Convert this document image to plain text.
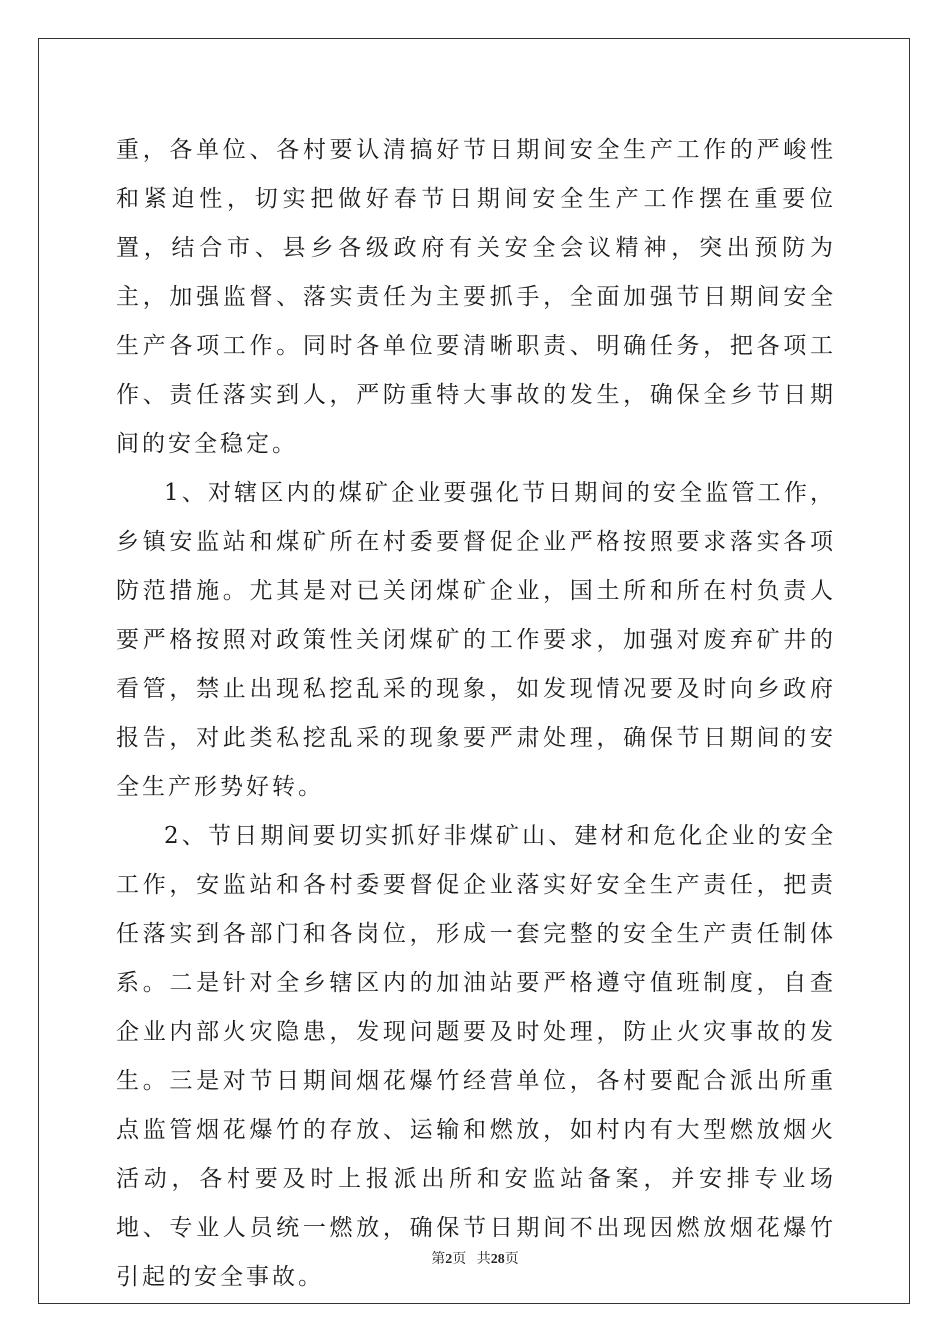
重，各单位、各村要认清搞好节日期间安全生产工作的严峻性和紧迫性，切实把做好春节日期间安全生产工作摆在重要位置，结合市、县乡各级政府有关安全会议精神，突出预防为主，加强监督、落实责任为主要抓手，全面加强节日期间安全生产各项工作。同时各单位要清晰职责、明确任务，把各项工作、责任落实到人，严防重特大事故的发生，确保全乡节日期间的安全稳定。

1、对辖区内的煤矿企业要强化节日期间的安全监管工作，乡镇安监站和煤矿所在村委要督促企业严格按照要求落实各项防范措施。尤其是对已关闭煤矿企业，国土所和所在村负责人要严格按照对政策性关闭煤矿的工作要求，加强对废弃矿井的看管，禁止出现私挖乱采的现象，如发现情况要及时向乡政府报告，对此类私挖乱采的现象要严肃处理，确保节日期间的安全生产形势好转。

2、节日期间要切实抓好非煤矿山、建材和危化企业的安全工作，安监站和各村委要督促企业落实好安全生产责任，把责任落实到各部门和各岗位，形成一套完整的安全生产责任制体系。二是针对全乡辖区内的加油站要严格遵守值班制度，自查企业内部火灾隐患，发现问题要及时处理，防止火灾事故的发生。三是对节日期间烟花爆竹经营单位，各村要配合派出所重点监管烟花爆竹的存放、运输和燃放，如村内有大型燃放烟火活动，各村要及时上报派出所和安监站备案，并安排专业场地、专业人员统一燃放，确保节日期间不出现因燃放烟花爆竹引起的安全事故。

第2页 共28页
